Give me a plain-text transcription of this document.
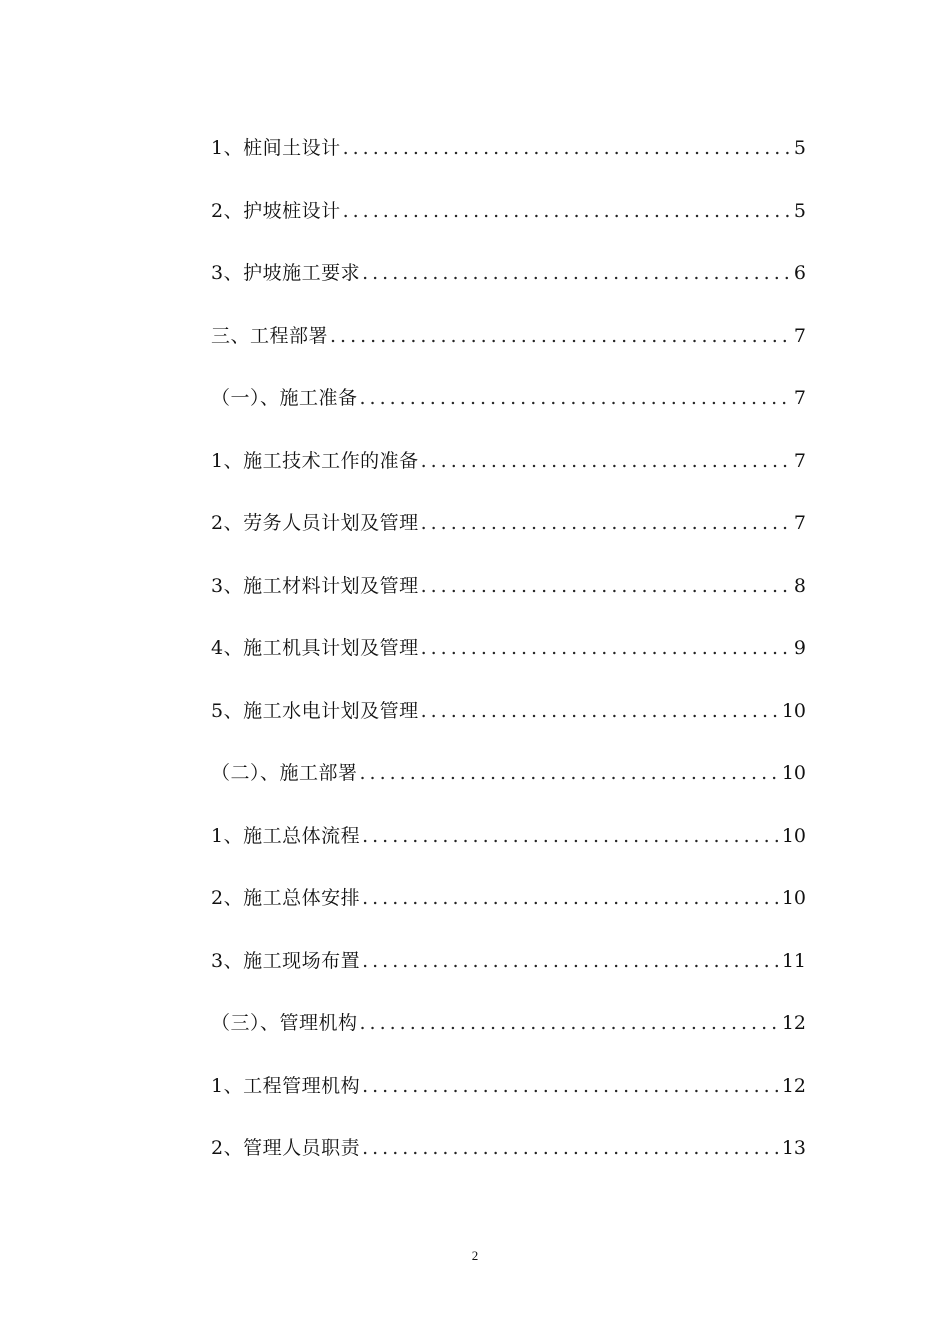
1、桩间土设计 .....	5
2、护坡桩设计 .....	5
3、护坡施工要求 .....	6
三、工程部署 .....	7
（一）、施工准备 .....	7
1、施工技术工作的准备 .....	7
2、劳务人员计划及管理 .....	7
3、施工材料计划及管理 .....	8
4、施工机具计划及管理 .....	9
5、施工水电计划及管理 .....	10
（二）、施工部署 .....	10
1、施工总体流程 .....	10
2、施工总体安排 .....	10
3、施工现场布置 .....	11
（三）、管理机构 .....	12
1、工程管理机构 .....	12
2、管理人员职责 .....	13
2
